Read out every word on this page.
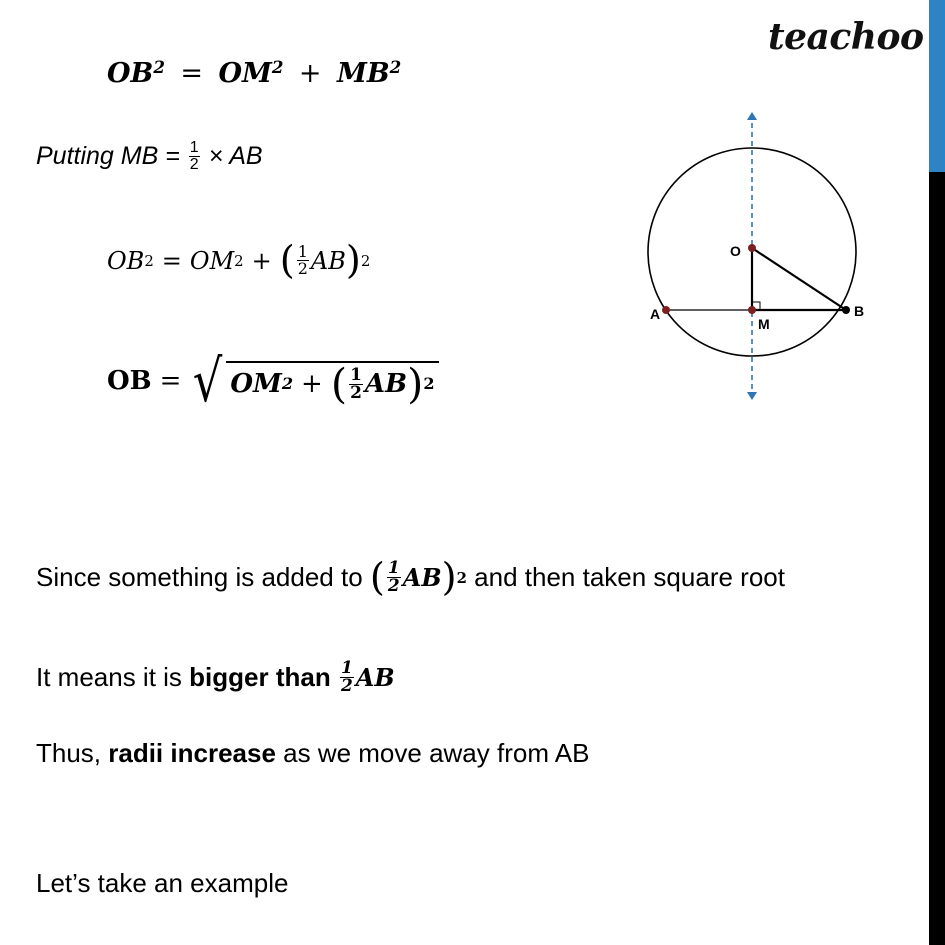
teachoo
$OB^2 = OM^2 + MB^2$
Putting MB = $\frac{1}{2}$ × AB
OB 2 = OM 2 + ( $\frac{1}{2}$ AB ) 2
OB = √ OM 2 + ( $\frac{1}{2}$ AB ) 2
O
A
M
B
Since something is added to ( $\frac{1}{2}$ AB ) 2 and then taken square root
It means it is bigger than $\frac{1}{2}$ AB
Thus, radii increase as we move away from AB
Let’s take an example
